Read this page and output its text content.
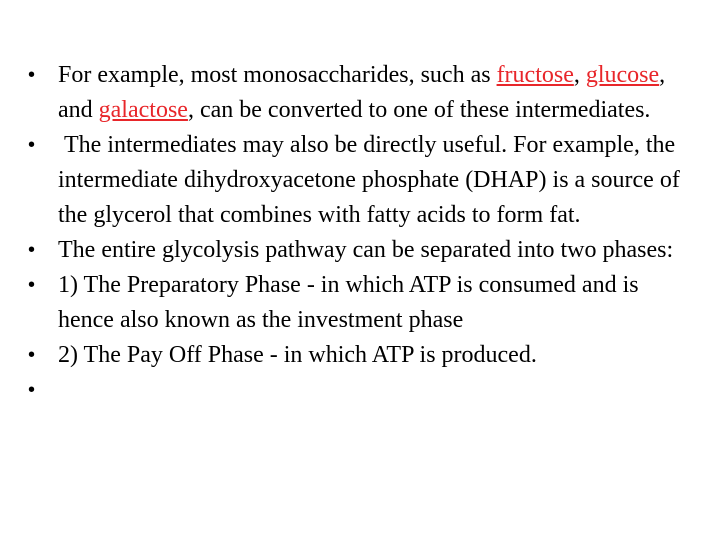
• For example, most monosaccharides, such as fructose, glucose, and galactose, can be converted to one of these intermediates.
• The intermediates may also be directly useful. For example, the intermediate dihydroxyacetone phosphate (DHAP) is a source of the glycerol that combines with fatty acids to form fat.
• The entire glycolysis pathway can be separated into two phases:
• 1) The Preparatory Phase - in which ATP is consumed and is hence also known as the investment phase
• 2) The Pay Off Phase - in which ATP is produced.
•
